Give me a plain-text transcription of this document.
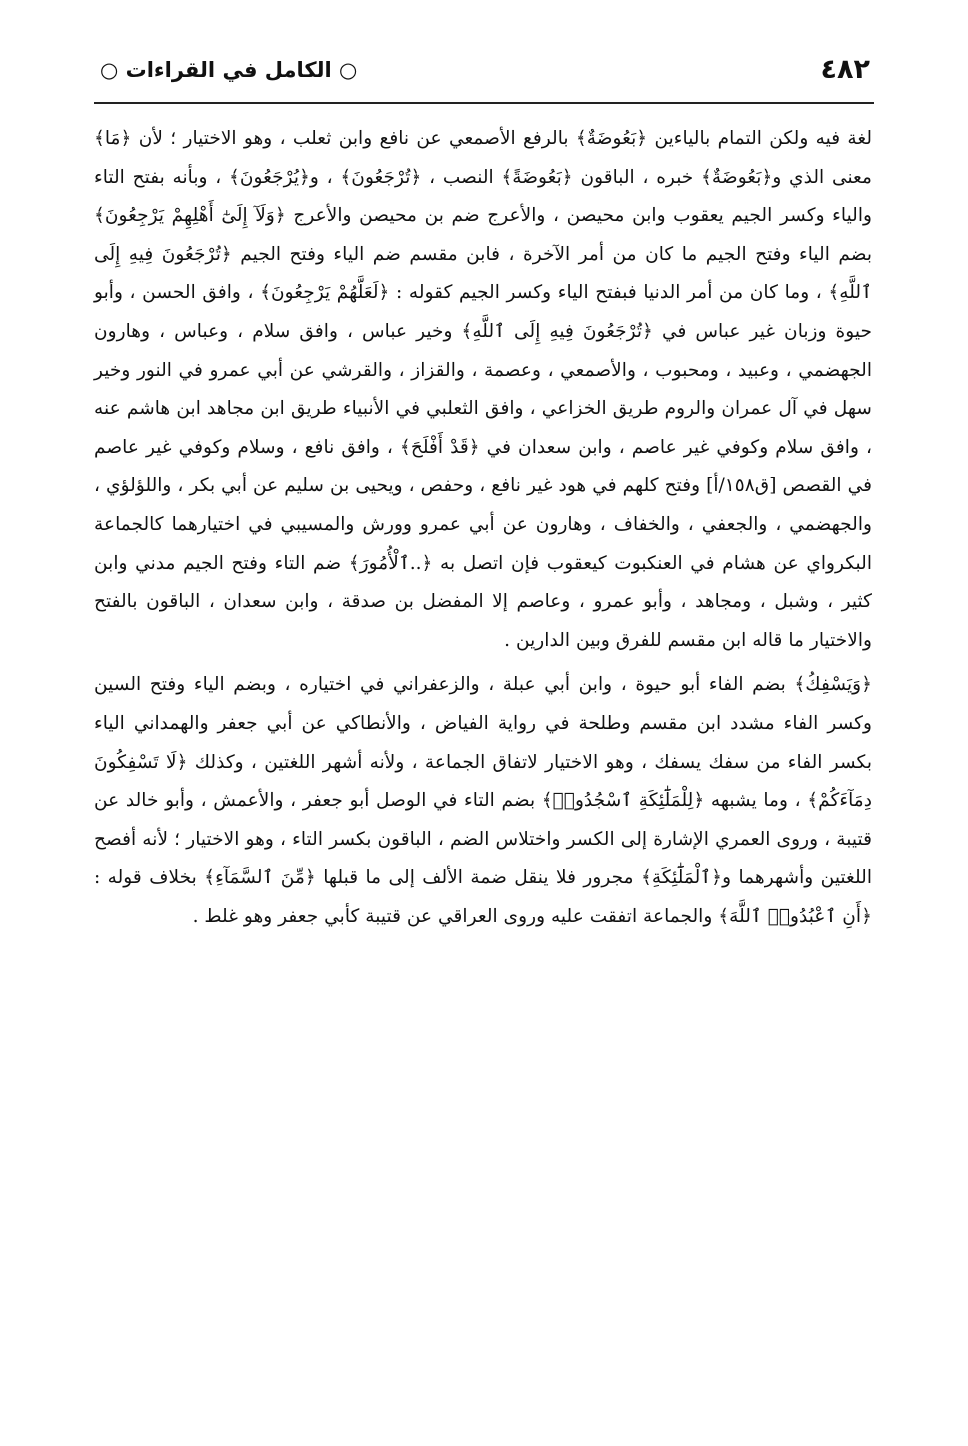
٤٨٢
○ الكامل في القراءات ○

لغة فيه ولكن التمام بالياءين ﴿بَعُوضَةٌ﴾ بالرفع الأصمعي عن نافع وابن ثعلب ، وهو الاختيار ؛ لأن ﴿مَا﴾ معنى الذي و﴿بَعُوضَةٌ﴾ خبره ، الباقون ﴿بَعُوضَةً﴾ النصب ، ﴿تُرْجَعُونَ﴾ ، و﴿يُرْجَعُونَ﴾ ، وبأنه بفتح التاء والياء وكسر الجيم يعقوب وابن محيصن ، والأعرج ضم بن محيصن والأعرج ﴿وَلَآ إِلَىٰٓ أَهْلِهِمْ يَرْجِعُونَ﴾ بضم الياء وفتح الجيم ما كان من أمر الآخرة ، فابن مقسم ضم الياء وفتح الجيم ﴿تُرْجَعُونَ فِيهِ إِلَى ٱللَّهِ﴾ ، وما كان من أمر الدنيا فبفتح الياء وكسر الجيم كقوله : ﴿لَعَلَّهُمْ يَرْجِعُونَ﴾ ، وافق الحسن ، وأبو حيوة وزبان غير عباس في ﴿تُرْجَعُونَ فِيهِ إِلَى ٱللَّهِ﴾ وخير عباس ، وافق سلام ، وعباس ، وهارون الجهضمي ، وعبيد ، ومحبوب ، والأصمعي ، وعصمة ، والقزاز ، والقرشي عن أبي عمرو في النور وخير سهل في آل عمران والروم طريق الخزاعي ، وافق الثعلبي في الأنبياء طريق ابن مجاهد ابن هاشم عنه ، وافق سلام وكوفي غير عاصم ، وابن سعدان في ﴿قَدْ أَفْلَحَ﴾ ، وافق نافع ، وسلام وكوفي غير عاصم في القصص [ق١٥٨/أ] وفتح كلهم في هود غير نافع ، وحفص ، ويحيى بن سليم عن أبي بكر ، واللؤلؤي ، والجهضمي ، والجعفي ، والخفاف ، وهارون عن أبي عمرو وورش والمسيبي في اختيارهما كالجماعة البكرواي عن هشام في العنكبوت كيعقوب فإن اتصل به ﴿..ٱلْأُمُورَ﴾ ضم التاء وفتح الجيم مدني وابن كثير ، وشبل ، ومجاهد ، وأبو عمرو ، وعاصم إلا المفضل بن صدقة ، وابن سعدان ، الباقون بالفتح والاختيار ما قاله ابن مقسم للفرق وبين الدارين .

﴿وَيَسْفِكُ﴾ بضم الفاء أبو حيوة ، وابن أبي عبلة ، والزعفراني في اختياره ، وبضم الياء وفتح السين وكسر الفاء مشدد ابن مقسم وطلحة في رواية الفياض ، والأنطاكي عن أبي جعفر والهمداني الياء بكسر الفاء من سفك يسفك ، وهو الاختيار لاتفاق الجماعة ، ولأنه أشهر اللغتين ، وكذلك ﴿لَا تَسْفِكُونَ دِمَآءَكُمْ﴾ ، وما يشبهه ﴿لِلْمَلَٰٓئِكَةِ ٱسْجُدُوا۟﴾ بضم التاء في الوصل أبو جعفر ، والأعمش ، وأبو خالد عن قتيبة ، وروى العمري الإشارة إلى الكسر واختلاس الضم ، الباقون بكسر التاء ، وهو الاختيار ؛ لأنه أفصح اللغتين وأشهرهما و﴿ٱلْمَلَٰٓئِكَةِ﴾ مجرور فلا ينقل ضمة الألف إلى ما قبلها ﴿مِّنَ ٱلسَّمَآءِ﴾ بخلاف قوله : ﴿أَنِ ٱعْبُدُوا۟ ٱللَّهَ﴾ والجماعة اتفقت عليه وروى العراقي عن قتيبة كأبي جعفر وهو غلط .
